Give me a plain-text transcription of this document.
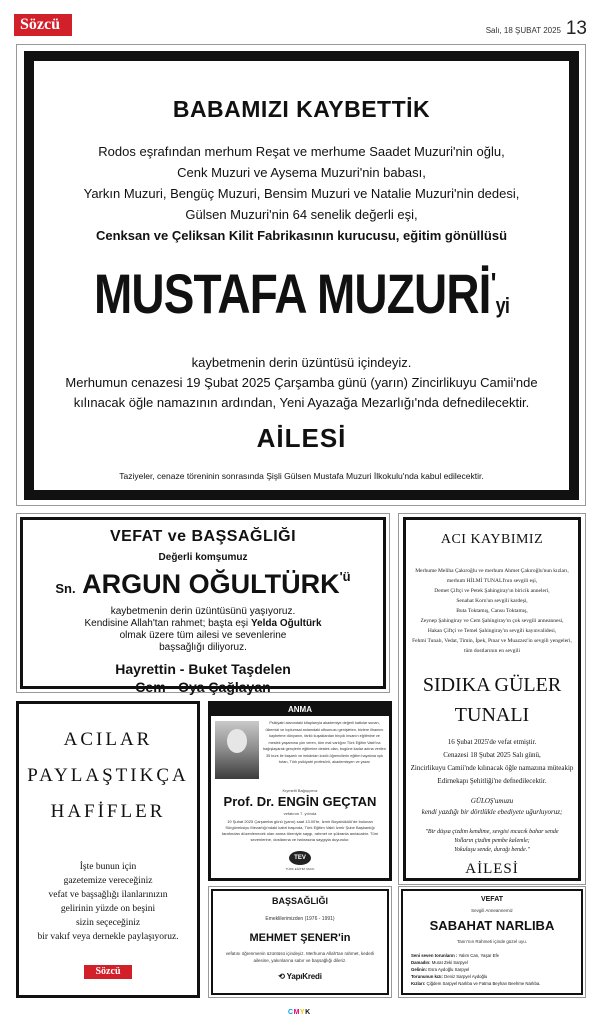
Sözcü	Salı, 18 ŞUBAT 2025 13
BABAMIZI KAYBETTİK
Rodos eşrafından merhum Reşat ve merhume Saadet Muzuri'nin oğlu,
Cenk Muzuri ve Aysema Muzuri'nin babası,
Yarkın Muzuri, Bengüç Muzuri, Bensim Muzuri ve Natalie Muzuri'nin dedesi,
Gülsen Muzuri'nin 64 senelik değerli eşi,
Cenksan ve Çeliksan Kilit Fabrikasının kurucusu, eğitim gönüllüsü
MUSTAFA MUZURİ'yi
kaybetmenin derin üzüntüsü içindeyiz.
Merhumun cenazesi 19 Şubat 2025 Çarşamba günü (yarın) Zincirlikuyu Camii'nde
kılınacak öğle namazının ardından, Yeni Ayazağa Mezarlığı'nda defnedilecektir.
AİLESİ
Taziyeler, cenaze töreninin sonrasında Şişli Gülsen Mustafa Muzuri İlkokulu'nda kabul edilecektir.
VEFAT ve BAŞSAĞLIĞI
Değerli komşumuz
Sn. ARGUN $OĞULTÜRK^{'ü}$
kaybetmenin derin üzüntüsünü yaşıyoruz.
Kendisine Allah'tan rahmet; başta eşi Yelda Oğultürk
olmak üzere tüm ailesi ve sevenlerine
başsağlığı diliyoruz.
Hayrettin - Buket Taşdelen
Cem - Oya Çağlayan
ACI KAYBIMIZ
Merhume Meliha Çakıroğlu ve merhum Ahmet Çakıroğlu'nun kızları,
merhum HİLMİ TUNALI'nın sevgili eşi,
Demet Çiftçi ve Petek Şahingiray'ın biricik anneleri,
Senahat Korn'un sevgili kardeşi,
Buta Toktamış, Cansu Toktamış,
Zeynep Şahingiray ve Cem Şahingiray'ın çok sevgili anneannesi,
Hakan Çiftçi ve Temel Şahingiray'ın sevgili kayınvalidesi,
Fehmi Tunalı, Vedat, Timin, İpek, Pınar ve Muazzez'in sevgili yengeleri,
tüm dostlarının en sevgili
SIDIKA GÜLER
TUNALI
16 Şubat 2025'de vefat etmiştir.
Cenazesi 18 Şubat 2025 Salı günü,
Zincirlikuyu Camii'nde kılınacak öğle namazına müteakip
Edirnekapı Şehitliği'ne defnedilecektir.
GÜLOŞ'umuzu
kendi yazdığı bir dörtlükle ebediyete uğurluyoruz;
"Bir düşsa çizdim kendime, sevgisi ıncacık bahar sende
Yolların çizdim pembe kalemle;
Yokuluşu sende, durağı bende."
AİLESİ
ACILAR
PAYLAŞTIKÇA
HAFİFLER
İşte bunun için
gazetemize vereceğiniz
vefat ve başsağlığı ilanlarınızın
gelirinin yüzde on beşini
sizin seçeceğiniz
bir vakıf veya dernekle paylaşıyoruz.
Sözcü
ANMA
Psikiyatri alanındaki kitaplarıyla akademiye değerli katkılar sunan, ülkemizi ve toplumsal anlamdaki ufkumuzu genişleten, bizlere ilhamını kaybetme dünyanın, farklı kuşaklardan birçok insanın eğitimine ve meslek yaşamına yön veren, tüm mal varlığını Türk Eğitim Vakfı'na bağışlayarak gençlerin eğitimine destek olan, bugüne kadar adına verilen 35 burs ile başarılı ve imkânları kısıtlı öğrencilerin eğitim hayatına ışık tutan, Türk psikiyatri profesörü, akademisyen ve yazar
Kıymetli Bağışçımız
Prof. Dr. ENGİN GEÇTAN
vefatının 7. yılında
19 Şubat 2025 Çarşamba günü (yarın) saat 13.00'te, İzmir Boyabükülü'de bulunan Sürgüveksiyu Mezarlığı'ndaki kabri başında, Türk Eğitim Vakfı İzmir Şube Başkanlığı tarafından düzenlenecek olan anma töreniyle saygı, rahmet ve şükranla anılacaktır. Tüm sevenlerine, dostlarına ve hatırasına saygıyla duyurulur.
TEV
TÜRK EĞİTİM VAKFI
BAŞSAĞLIĞI
Emeklilerimizden (1976 - 1991)
MEHMET ŞENER'in
vefatını öğrenmenin üzüntüsü içindeyiz. Merhuma Allah'tan rahmet, kederli ailesine, yakınlarına sabır ve başsağlığı dileriz.
⟲ YapıKredi
VEFAT
Sevgili Anneannemiz
SABAHAT NARLIBA
Tanrı'nın Rahmeti içinde güzel uyu.
Seni seven torunların : Yalım Can, Yaşar Efe
Damadın: Murat Zeki Sarpyel
Gelinin: Esra Aydoğlu Sarpyel
Torununun kızı: Deniz Sarpyel Aydoğlu
Kızları: Çiğdem Sarpyel Narlıba ve Fatma Beyhan Beehme Narlıba.
CMYK
